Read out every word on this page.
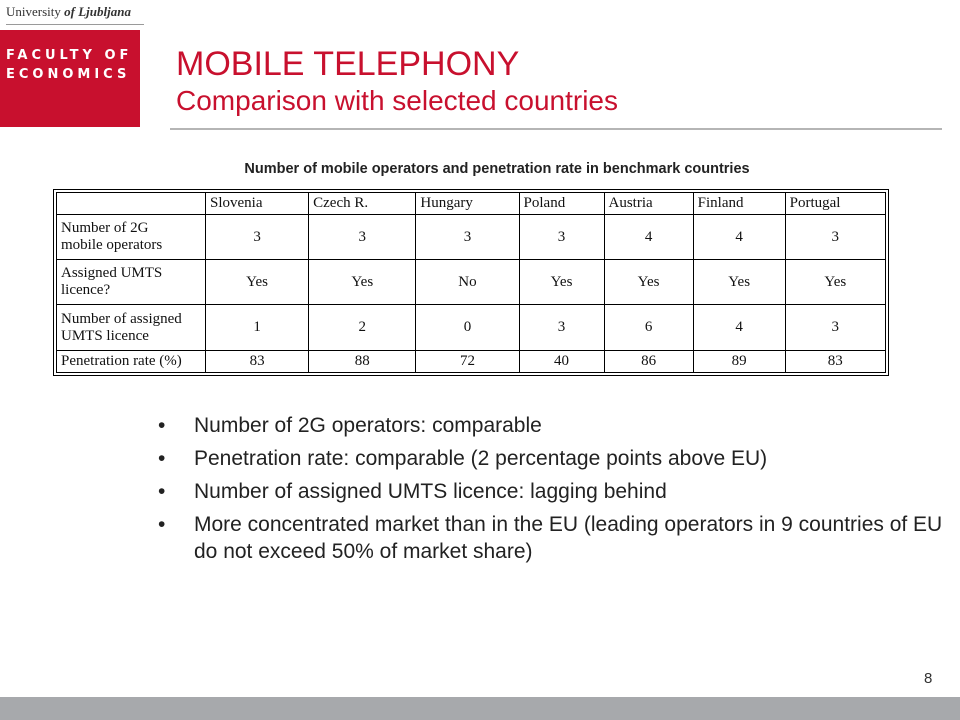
University of Ljubljana
FACULTY OF
ECONOMICS MOBILE TELEPHONY
Comparison with selected countries
Number of mobile operators and penetration rate in benchmark countries
	Slovenia	Czech R.	Hungary	Poland	Austria	Finland	Portugal
Number of 2G
mobile operators	3	3	3	3	4	4	3
Assigned UMTS
licence?	Yes	Yes	No	Yes	Yes	Yes	Yes
Number of assigned
UMTS licence	1	2	0	3	6	4	3
Penetration rate (%)	83	88	72	40	86	89	83
• Number of 2G operators: comparable
• Penetration rate: comparable (2 percentage points above EU)
• Number of assigned UMTS licence: lagging behind
• More concentrated market than in the EU (leading operators in 9 countries of EU do not exceed 50% of market share)
8
